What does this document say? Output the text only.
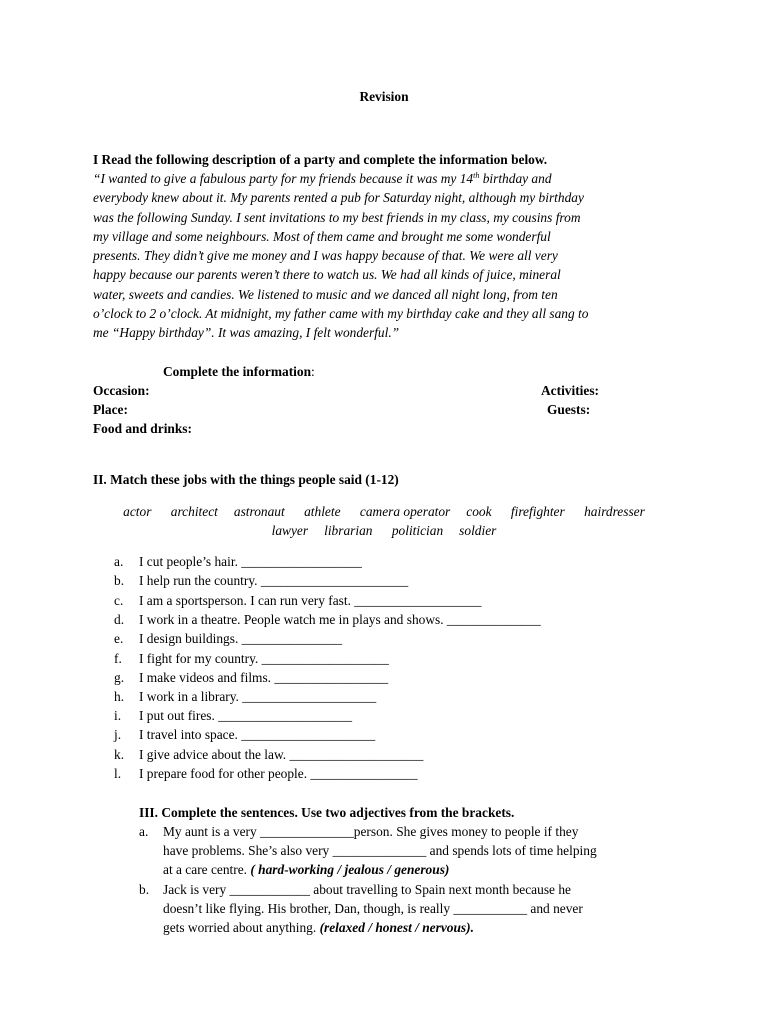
Revision
I Read the following description of a party and complete the information below.
“I wanted to give a fabulous party for my friends because it was my 14th birthday and
everybody knew about it. My parents rented a pub for Saturday night, although my birthday
was the following Sunday. I sent invitations to my best friends in my class, my cousins from
my village and some neighbours. Most of them came and brought me some wonderful
presents. They didn’t give me money and I was happy because of that. We were all very
happy because our parents weren’t there to watch us. We had all kinds of juice, mineral
water, sweets and candies. We listened to music and we danced all night long, from ten
o’clock to 2 o’clock. At midnight, my father came with my birthday cake and they all sang to
me “Happy birthday”. It was amazing, I felt wonderful.”
Complete the information:
Occasion:	Activities:
Place:	Guests:
Food and drinks:
II. Match these jobs with the things people said (1-12)
actor architect astronaut athlete camera operator cook firefighter hairdresser
lawyer librarian politician soldier
a. I cut people’s hair. __________________
b. I help run the country. ______________________
c. I am a sportsperson. I can run very fast. ___________________
d. I work in a theatre. People watch me in plays and shows. ______________
e. I design buildings. _______________
f. I fight for my country. ___________________
g. I make videos and films. _________________
h. I work in a library. ____________________
i. I put out fires. ____________________
j. I travel into space. ____________________
k. I give advice about the law. ____________________
l. I prepare food for other people. ________________
III. Complete the sentences. Use two adjectives from the brackets.
a. My aunt is a very ______________person. She gives money to people if they
have problems. She’s also very ______________ and spends lots of time helping
at a care centre. ( hard-working / jealous / generous)
b. Jack is very ____________ about travelling to Spain next month because he
doesn’t like flying. His brother, Dan, though, is really ___________ and never
gets worried about anything. (relaxed / honest / nervous).
